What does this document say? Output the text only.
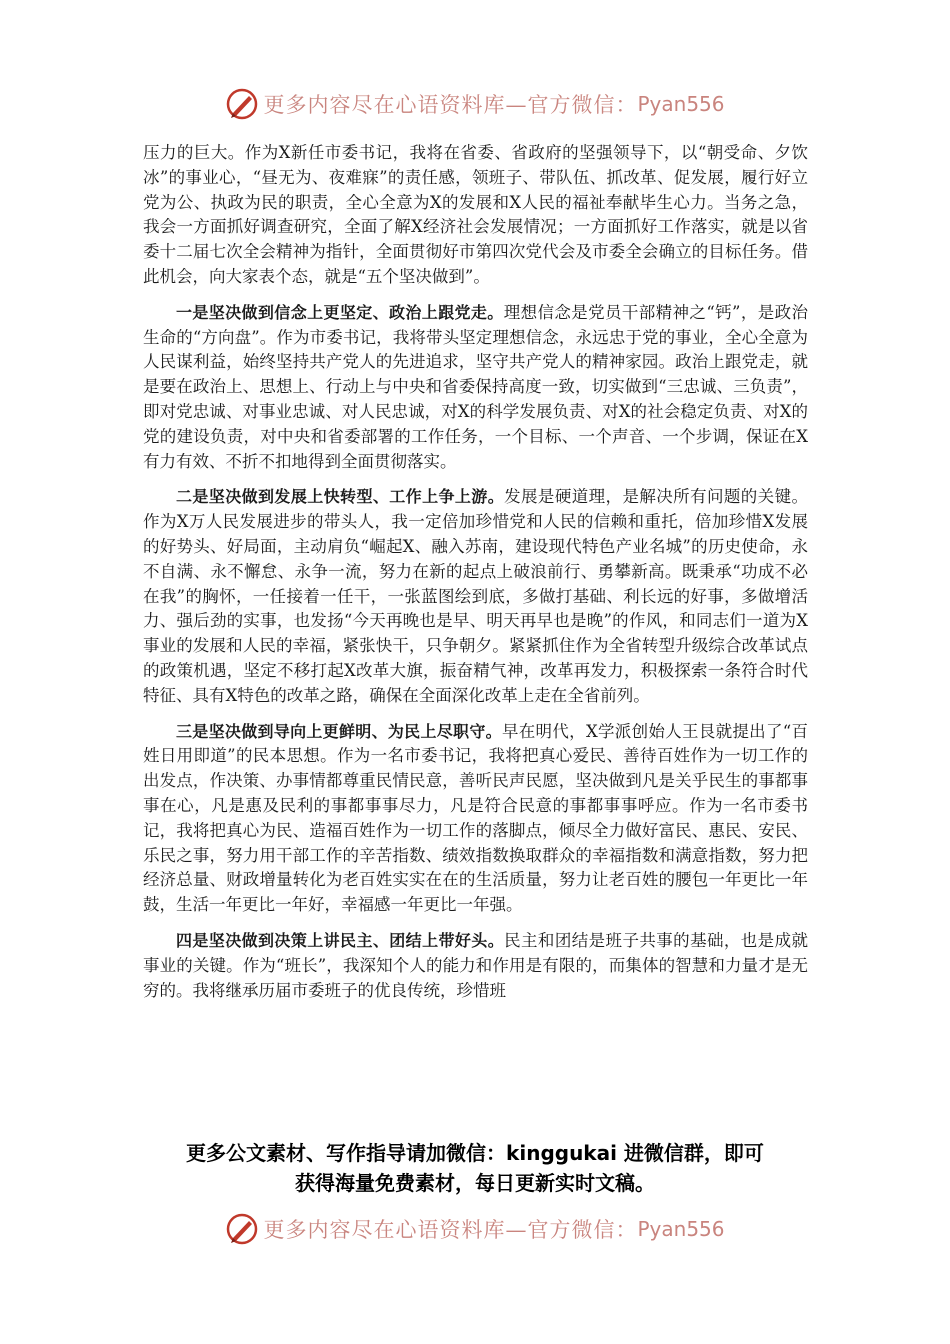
更多内容尽在心语资料库—官方微信： Pyan556

压力的巨大。作为X新任市委书记，我将在省委、省政府的坚强领导下，以“朝受命、夕饮冰”的事业心，“昼无为、夜难寐”的责任感，领班子、带队伍、抓改革、促发展，履行好立党为公、执政为民的职责，全心全意为X的发展和X人民的福祉奉献毕生心力。当务之急，我会一方面抓好调查研究，全面了解X经济社会发展情况；一方面抓好工作落实，就是以省委十二届七次全会精神为指针，全面贯彻好市第四次党代会及市委全会确立的目标任务。借此机会，向大家表个态，就是“五个坚决做到”。

一是坚决做到信念上更坚定、政治上跟党走。理想信念是党员干部精神之“钙”，是政治生命的“方向盘”。作为市委书记，我将带头坚定理想信念，永远忠于党的事业，全心全意为人民谋利益，始终坚持共产党人的先进追求，坚守共产党人的精神家园。政治上跟党走，就是要在政治上、思想上、行动上与中央和省委保持高度一致，切实做到“三忠诚、三负责”，即对党忠诚、对事业忠诚、对人民忠诚，对X的科学发展负责、对X的社会稳定负责、对X的党的建设负责，对中央和省委部署的工作任务，一个目标、一个声音、一个步调，保证在X有力有效、不折不扣地得到全面贯彻落实。

二是坚决做到发展上快转型、工作上争上游。发展是硬道理，是解决所有问题的关键。作为X万人民发展进步的带头人，我一定倍加珍惜党和人民的信赖和重托，倍加珍惜X发展的好势头、好局面，主动肩负“崛起X、融入苏南，建设现代特色产业名城”的历史使命，永不自满、永不懈怠、永争一流，努力在新的起点上破浪前行、勇攀新高。既秉承“功成不必在我”的胸怀，一任接着一任干，一张蓝图绘到底，多做打基础、利长远的好事，多做增活力、强后劲的实事，也发扬“今天再晚也是早、明天再早也是晚”的作风，和同志们一道为X事业的发展和人民的幸福，紧张快干，只争朝夕。紧紧抓住作为全省转型升级综合改革试点的政策机遇，坚定不移打起X改革大旗，振奋精气神，改革再发力，积极探索一条符合时代特征、具有X特色的改革之路，确保在全面深化改革上走在全省前列。

三是坚决做到导向上更鲜明、为民上尽职守。早在明代，X学派创始人王艮就提出了“百姓日用即道”的民本思想。作为一名市委书记，我将把真心爱民、善待百姓作为一切工作的出发点，作决策、办事情都尊重民情民意，善听民声民愿，坚决做到凡是关乎民生的事都事事在心，凡是惠及民利的事都事事尽力，凡是符合民意的事都事事呼应。作为一名市委书记，我将把真心为民、造福百姓作为一切工作的落脚点，倾尽全力做好富民、惠民、安民、乐民之事，努力用干部工作的辛苦指数、绩效指数换取群众的幸福指数和满意指数，努力把经济总量、财政增量转化为老百姓实实在在的生活质量，努力让老百姓的腰包一年更比一年鼓，生活一年更比一年好，幸福感一年更比一年强。

四是坚决做到决策上讲民主、团结上带好头。民主和团结是班子共事的基础，也是成就事业的关键。作为“班长”，我深知个人的能力和作用是有限的，而集体的智慧和力量才是无穷的。我将继承历届市委班子的优良传统，珍惜班

更多公文素材、写作指导请加微信：kinggukai 进微信群，即可
获得海量免费素材，每日更新实时文稿。
更多内容尽在心语资料库—官方微信： Pyan556
